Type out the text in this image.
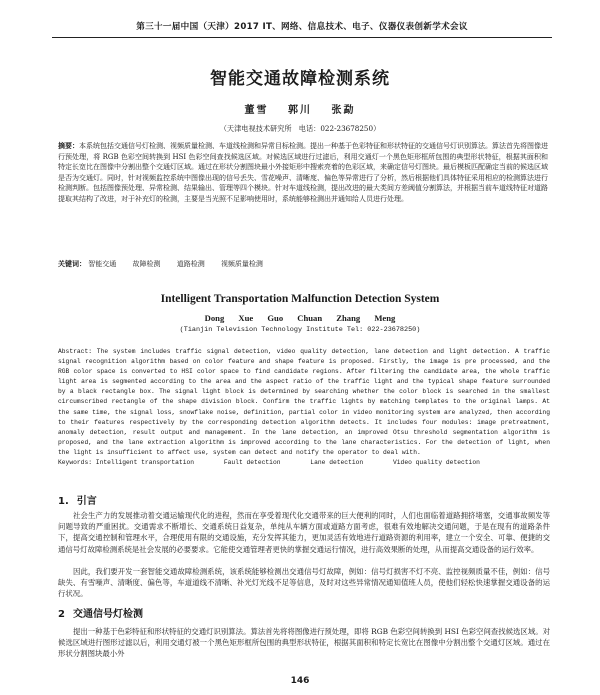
第三十一届中国（天津）2017 IT、网络、信息技术、电子、仪器仪表创新学术会议
智能交通故障检测系统
董雪 郭川 张勐
（天津电视技术研究所　电话：022-23678250）
摘要：本系统包括交通信号灯检测、视频质量检测、车道线检测和异常目标检测。提出一种基于色彩特征和形状特征的交通信号灯识别算法。算法首先将图像进行预处理，将 RGB 色彩空间转换到 HSI 色彩空间查找候选区域。对候选区域进行过滤后，利用交通灯一个黑色矩形框所包围的典型形状特征，根据其面积和特定长宽比在图像中分割出整个交通灯区域。通过在形状分割图块最小外接矩形中搜索亮着的色彩区域，来确定信号灯图块。最后模板匹配确定当前的候选区域是否为交通灯。同时，针对视频监控系统中图像出现的信号丢失、雪花噪声、清晰度、偏色等异常进行了分析，然后根据他们具体特征采用相应的检测算法进行检测判断。包括图像预处理、异常检测、结果输出、管理等四个模块。针对车道线检测，提出改进的最大类间方差阈值分割算法，并根据当前车道线特征对道路提取其结构了改进，对于补充灯的检测，主要是当光照不足影响使用时，系统能够检测出并通知给人员进行处理。
关键词： 智能交通 故障检测 道路检测 视频质量检测
Intelligent Transportation Malfunction Detection System
Dong Xue Guo Chuan Zhang Meng
(Tianjin Television Technology Institute Tel: 022-23678250)
Abstract: The system includes traffic signal detection, video quality detection, lane detection and light detection. A traffic signal recognition algorithm based on color feature and shape feature is proposed. Firstly, the image is pre processed, and the RGB color space is converted to HSI color space to find candidate regions. After filtering the candidate area, the whole traffic light area is segmented according to the area and the aspect ratio of the traffic light and the typical shape feature surrounded by a black rectangle box. The signal light block is determined by searching whether the color block is searched in the smallest circumscribed rectangle of the shape division block. Confirm the traffic lights by matching templates to the original lamps. At the same time, the signal loss, snowflake noise, definition, partial color in video monitoring system are analyzed, then according to their features respectively by the corresponding detection algorithm detects. It includes four modules: image pretreatment, anomaly detection, result output and management. In the lane detection, an improved Otsu threshold segmentation algorithm is proposed, and the lane extraction algorithm is improved according to the lane characteristics. For the detection of light, when the light is insufficient to affect use, system can detect and notify the operator to deal with.
Keywords: Intelligent transportation	Fault detection	Lane detection	Video quality detection
1. 引言
社会生产力的发展推动着交通运输现代化的进程，然而在享受着现代化交通带来的巨大便利的同时，人们也面临着道路拥挤堵塞，交通事故频发等问题导致的严重困扰。交通需求不断增长、交通系统日益复杂，单纯从车辆方面或道路方面考虑，很难有效地解决交通问题，于是在现有的道路条件下，提高交通控制和管理水平，合理使用有限的交通设施，充分发挥其能力，更加灵活有效地进行道路资源的利用率，建立一个安全、可靠、便捷的交通信号灯故障检测系统是社会发展的必要要求。它能使交通管理者更快的掌握交通运行情况，进行高效果断的处理，从而提高交通设备的运行效率。
因此，我们要开发一套智能交通故障检测系统，该系统能够检测出交通信号灯故障，例如：信号灯损害不灯不亮、监控视频质量不佳，例如：信号缺失、有雪噪声、清晰度、偏色等，车道道线不清晰、补光灯光线不足等信息，及时对这些异常情况通知值班人员，使他们轻松快速掌握交通设备的运行状况。
2 交通信号灯检测
提出一种基于色彩特征和形状特征的交通灯识别算法。算法首先将将图像进行预处理，即将 RGB 色彩空间转换到 HSI 色彩空间查找候选区域。对候选区域进行图形过滤以后，利用交通灯被一个黑色矩形框所包围的典型形状特征，根据其面积和特定长宽比在图像中分割出整个交通灯区域。通过在形状分割图块最小外
146
